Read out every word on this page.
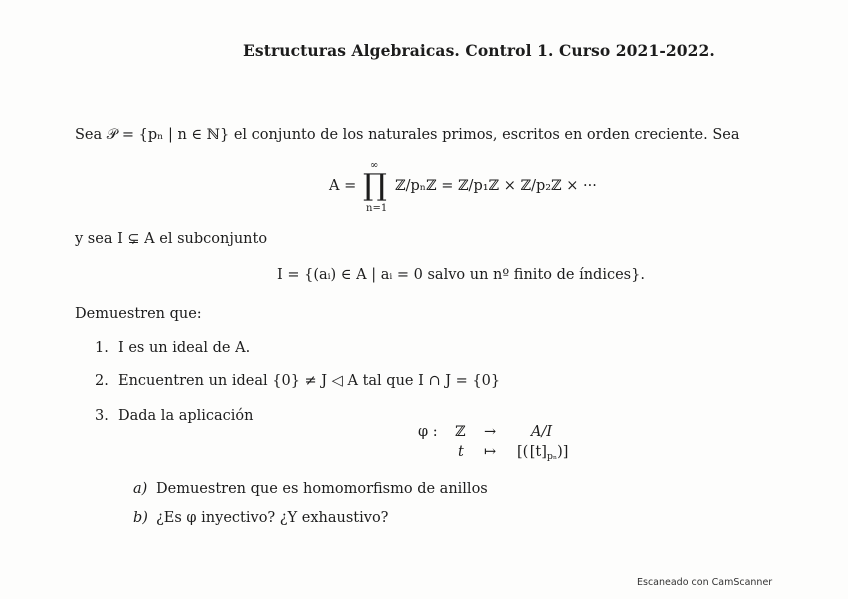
Estructuras Algebraicas. Control 1. Curso 2021-2022.
Sea 𝒫 = {pₙ | n ∈ ℕ} el conjunto de los naturales primos, escritos en orden creciente. Sea
A =
∞
∏
n=1
ℤ/pₙℤ = ℤ/p₁ℤ × ℤ/p₂ℤ × ···
y sea I ⊊ A el subconjunto
I = {(aᵢ) ∈ A | aᵢ = 0 salvo un nº finito de índices}.
Demuestren que:
1. I es un ideal de A.
2. Encuentren un ideal {0} ≠ J ◁ A tal que I ∩ J = {0}
3. Dada la aplicación
φ : ℤ → A/I
t ↦ [( $[t]_{p_n}$)]
a) Demuestren que es homomorfismo de anillos
b) ¿Es φ inyectivo? ¿Y exhaustivo?
Escaneado con CamScanner
